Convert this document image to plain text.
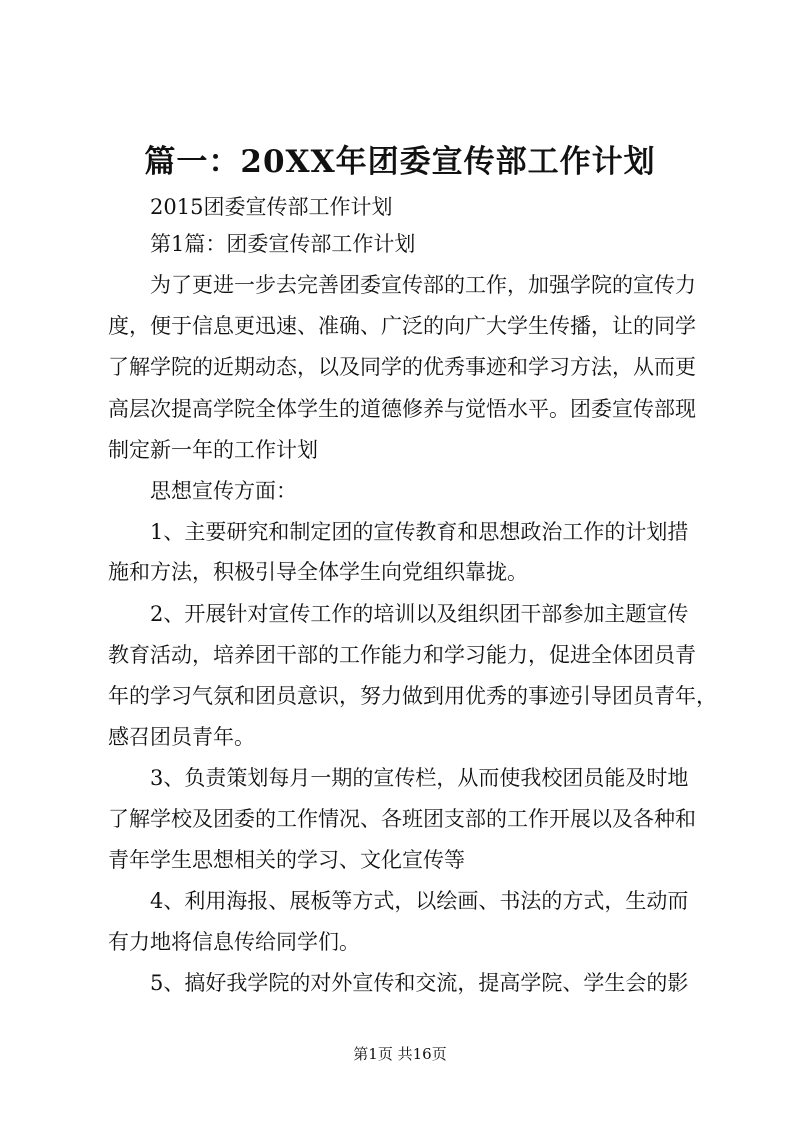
篇一：20XX年团委宣传部工作计划
2015团委宣传部工作计划
第1篇：团委宣传部工作计划
为了更进一步去完善团委宣传部的工作，加强学院的宣传力
度，便于信息更迅速、准确、广泛的向广大学生传播，让的同学
了解学院的近期动态，以及同学的优秀事迹和学习方法，从而更
高层次提高学院全体学生的道德修养与觉悟水平。团委宣传部现
制定新一年的工作计划
思想宣传方面：
1、主要研究和制定团的宣传教育和思想政治工作的计划措
施和方法，积极引导全体学生向党组织靠拢。
2、开展针对宣传工作的培训以及组织团干部参加主题宣传
教育活动，培养团干部的工作能力和学习能力，促进全体团员青
年的学习气氛和团员意识，努力做到用优秀的事迹引导团员青年，
感召团员青年。
3、负责策划每月一期的宣传栏，从而使我校团员能及时地
了解学校及团委的工作情况、各班团支部的工作开展以及各种和
青年学生思想相关的学习、文化宣传等
4、利用海报、展板等方式，以绘画、书法的方式，生动而
有力地将信息传给同学们。
5、搞好我学院的对外宣传和交流，提高学院、学生会的影
第1页 共16页
